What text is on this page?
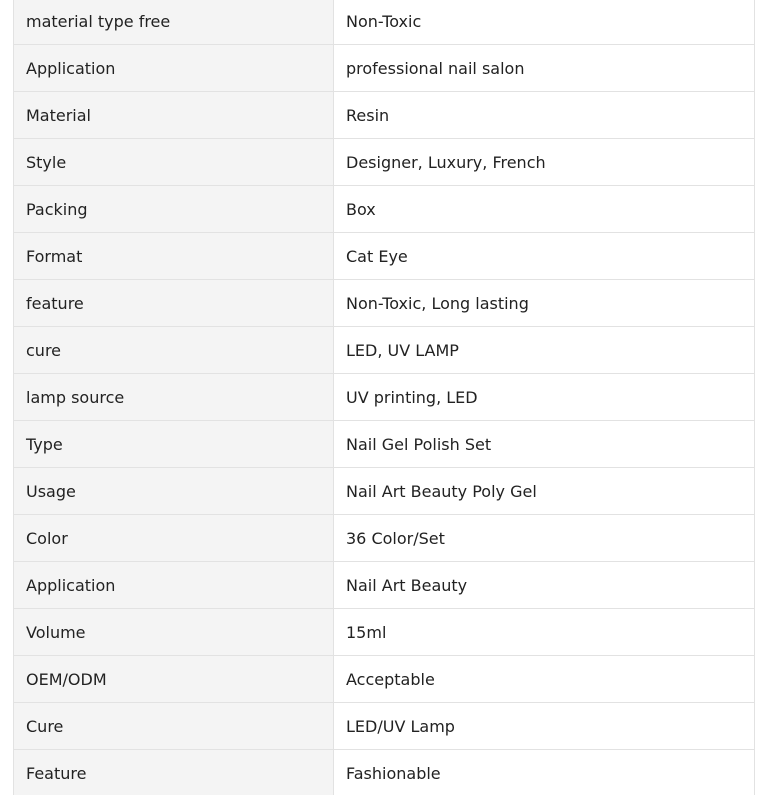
material type free	Non-Toxic
Application	professional nail salon
Material	Resin
Style	Designer, Luxury, French
Packing	Box
Format	Cat Eye
feature	Non-Toxic, Long lasting
cure	LED, UV LAMP
lamp source	UV printing, LED
Type	Nail Gel Polish Set
Usage	Nail Art Beauty Poly Gel
Color	36 Color/Set
Application	Nail Art Beauty
Volume	15ml
OEM/ODM	Acceptable
Cure	LED/UV Lamp
Feature	Fashionable
